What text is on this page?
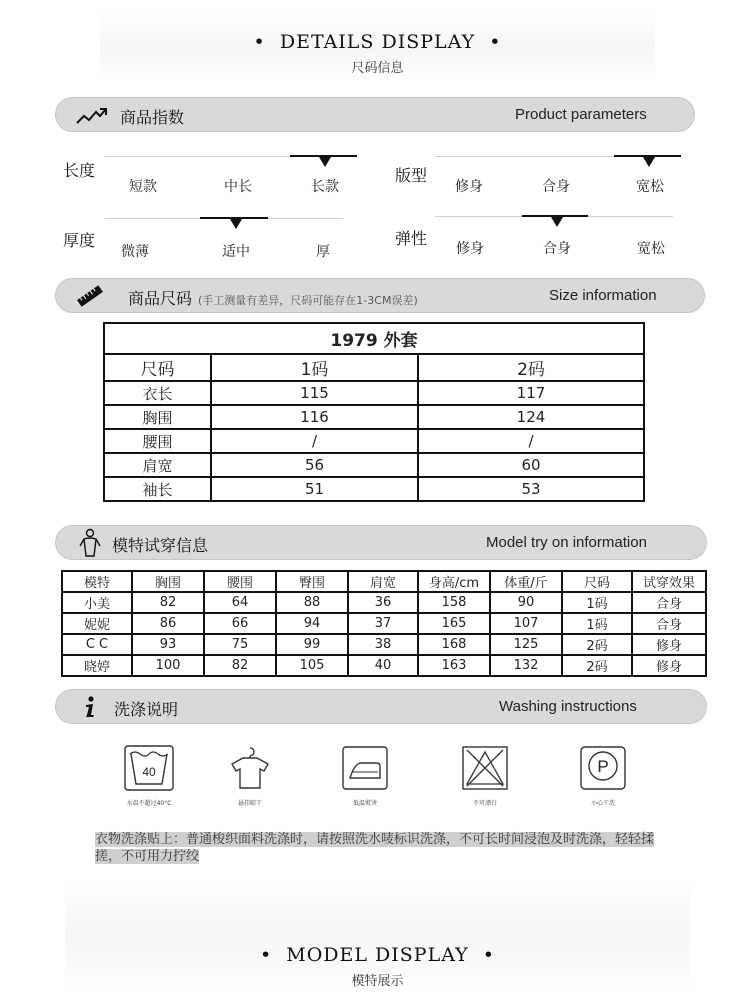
•  DETAILS DISPLAY  •
尺码信息
商品指数	Product parameters
长度
短款	中长	长款
版型
修身	合身	宽松
厚度
微薄	适中	厚
弹性
修身	合身	宽松
商品尺码 (手工测量有差异，尺码可能存在1-3CM误差)	Size information
1979 外套		
尺码	1码	2码
衣长	115	117
胸围	116	124
腰围	/	/
肩宽	56	60
袖长	51	53
模特试穿信息	Model try on information
模特	胸围	腰围	臀围	肩宽	身高/cm	体重/斤	尺码	试穿效果
小美	82	64	88	36	158	90	1码	合身
妮妮	86	66	94	37	165	107	1码	合身
C C	93	75	99	38	168	125	2码	修身
晓婷	100	82	105	40	163	132	2码	修身
洗涤说明	Washing instructions
40
水温不超过40°C	悬挂晾干	低温熨烫	不可漂白
P
小心干洗
衣物洗涤贴上：普通梭织面料洗涤时，请按照洗水唛标识洗涤，不可长时间浸泡及时洗涤，轻轻揉搓，不可用力拧绞
•  MODEL DISPLAY  •
模特展示
